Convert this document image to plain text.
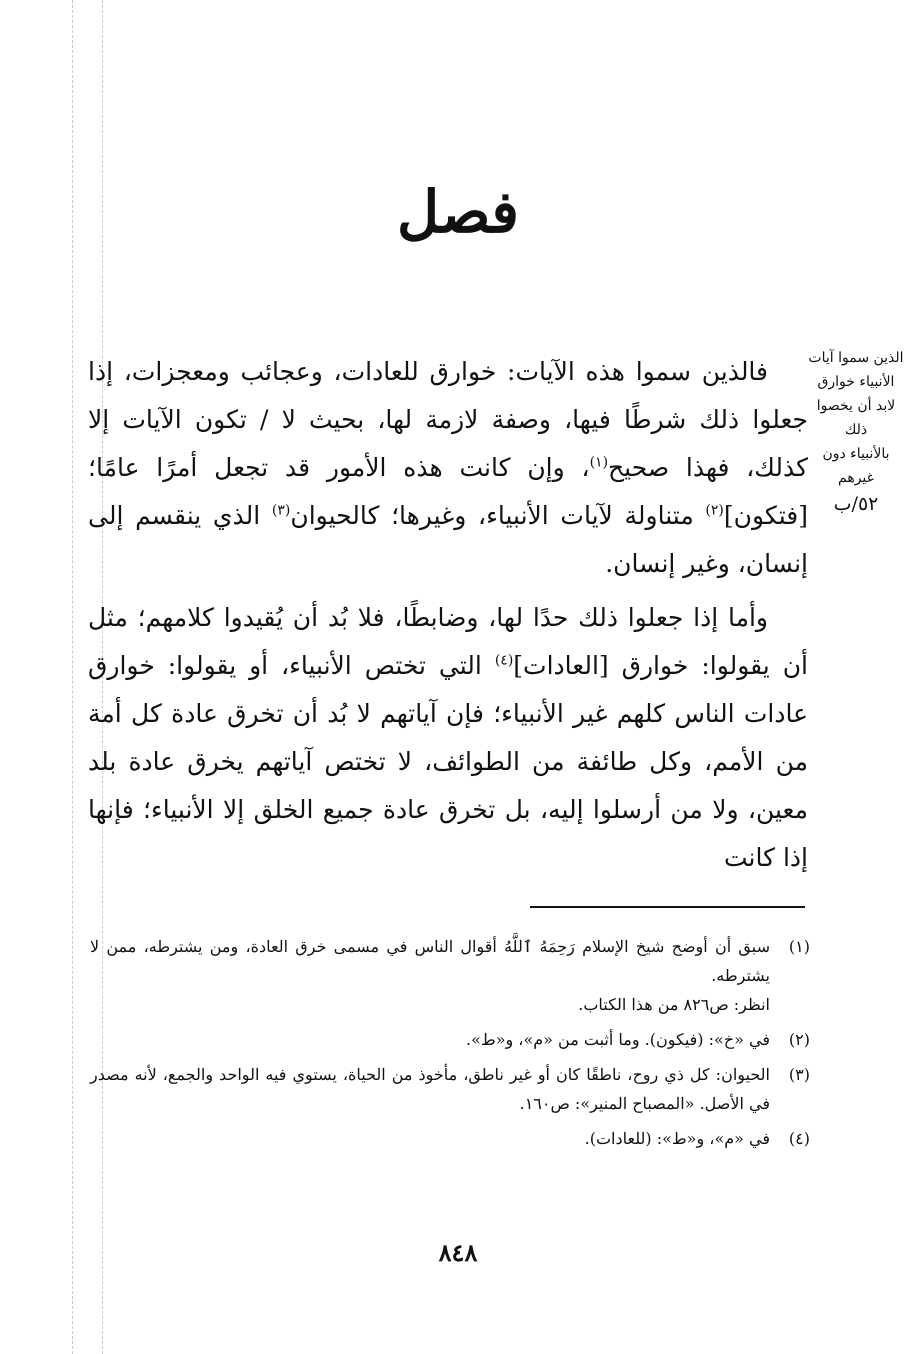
فصل
الذين سموا آيات
الأنبياء خوارق
لابد أن يخصوا ذلك
بالأنبياء دون
غيرهم
٥٢/ب

فالذين سموا هذه الآيات: خوارق للعادات، وعجائب ومعجزات، إذا جعلوا ذلك شرطًا فيها، وصفة لازمة لها، بحيث لا / تكون الآيات إلا كذلك، فهذا صحيح$^{(١)}$، وإن كانت هذه الأمور قد تجعل أمرًا عامًا؛ [فتكون]$^{(٢)}$ متناولة لآيات الأنبياء، وغيرها؛ كالحيوان$^{(٣)}$ الذي ينقسم إلى إنسان، وغير إنسان.

وأما إذا جعلوا ذلك حدًا لها، وضابطًا، فلا بُد أن يُقيدوا كلامهم؛ مثل أن يقولوا: خوارق [العادات]$^{(٤)}$ التي تختص الأنبياء، أو يقولوا: خوارق عادات الناس كلهم غير الأنبياء؛ فإن آياتهم لا بُد أن تخرق عادة كل أمة من الأمم، وكل طائفة من الطوائف، لا تختص آياتهم يخرق عادة بلد معين، ولا من أرسلوا إليه، بل تخرق عادة جميع الخلق إلا الأنبياء؛ فإنها إذا كانت

(١)
سبق أن أوضح شيخ الإسلام رَحِمَهُ ٱللَّهُ أقوال الناس في مسمى خرق العادة، ومن يشترطه، ممن لا يشترطه.
انظر: ص٨٢٦ من هذا الكتاب.
(٢)
في «خ»: (فيكون). وما أثبت من «م»، و«ط».
(٣)
الحيوان: كل ذي روح، ناطقًا كان أو غير ناطق، مأخوذ من الحياة، يستوي فيه الواحد والجمع، لأنه مصدر في الأصل. «المصباح المنير»: ص١٦٠.
(٤)
في «م»، و«ط»: (للعادات).
٨٤٨
